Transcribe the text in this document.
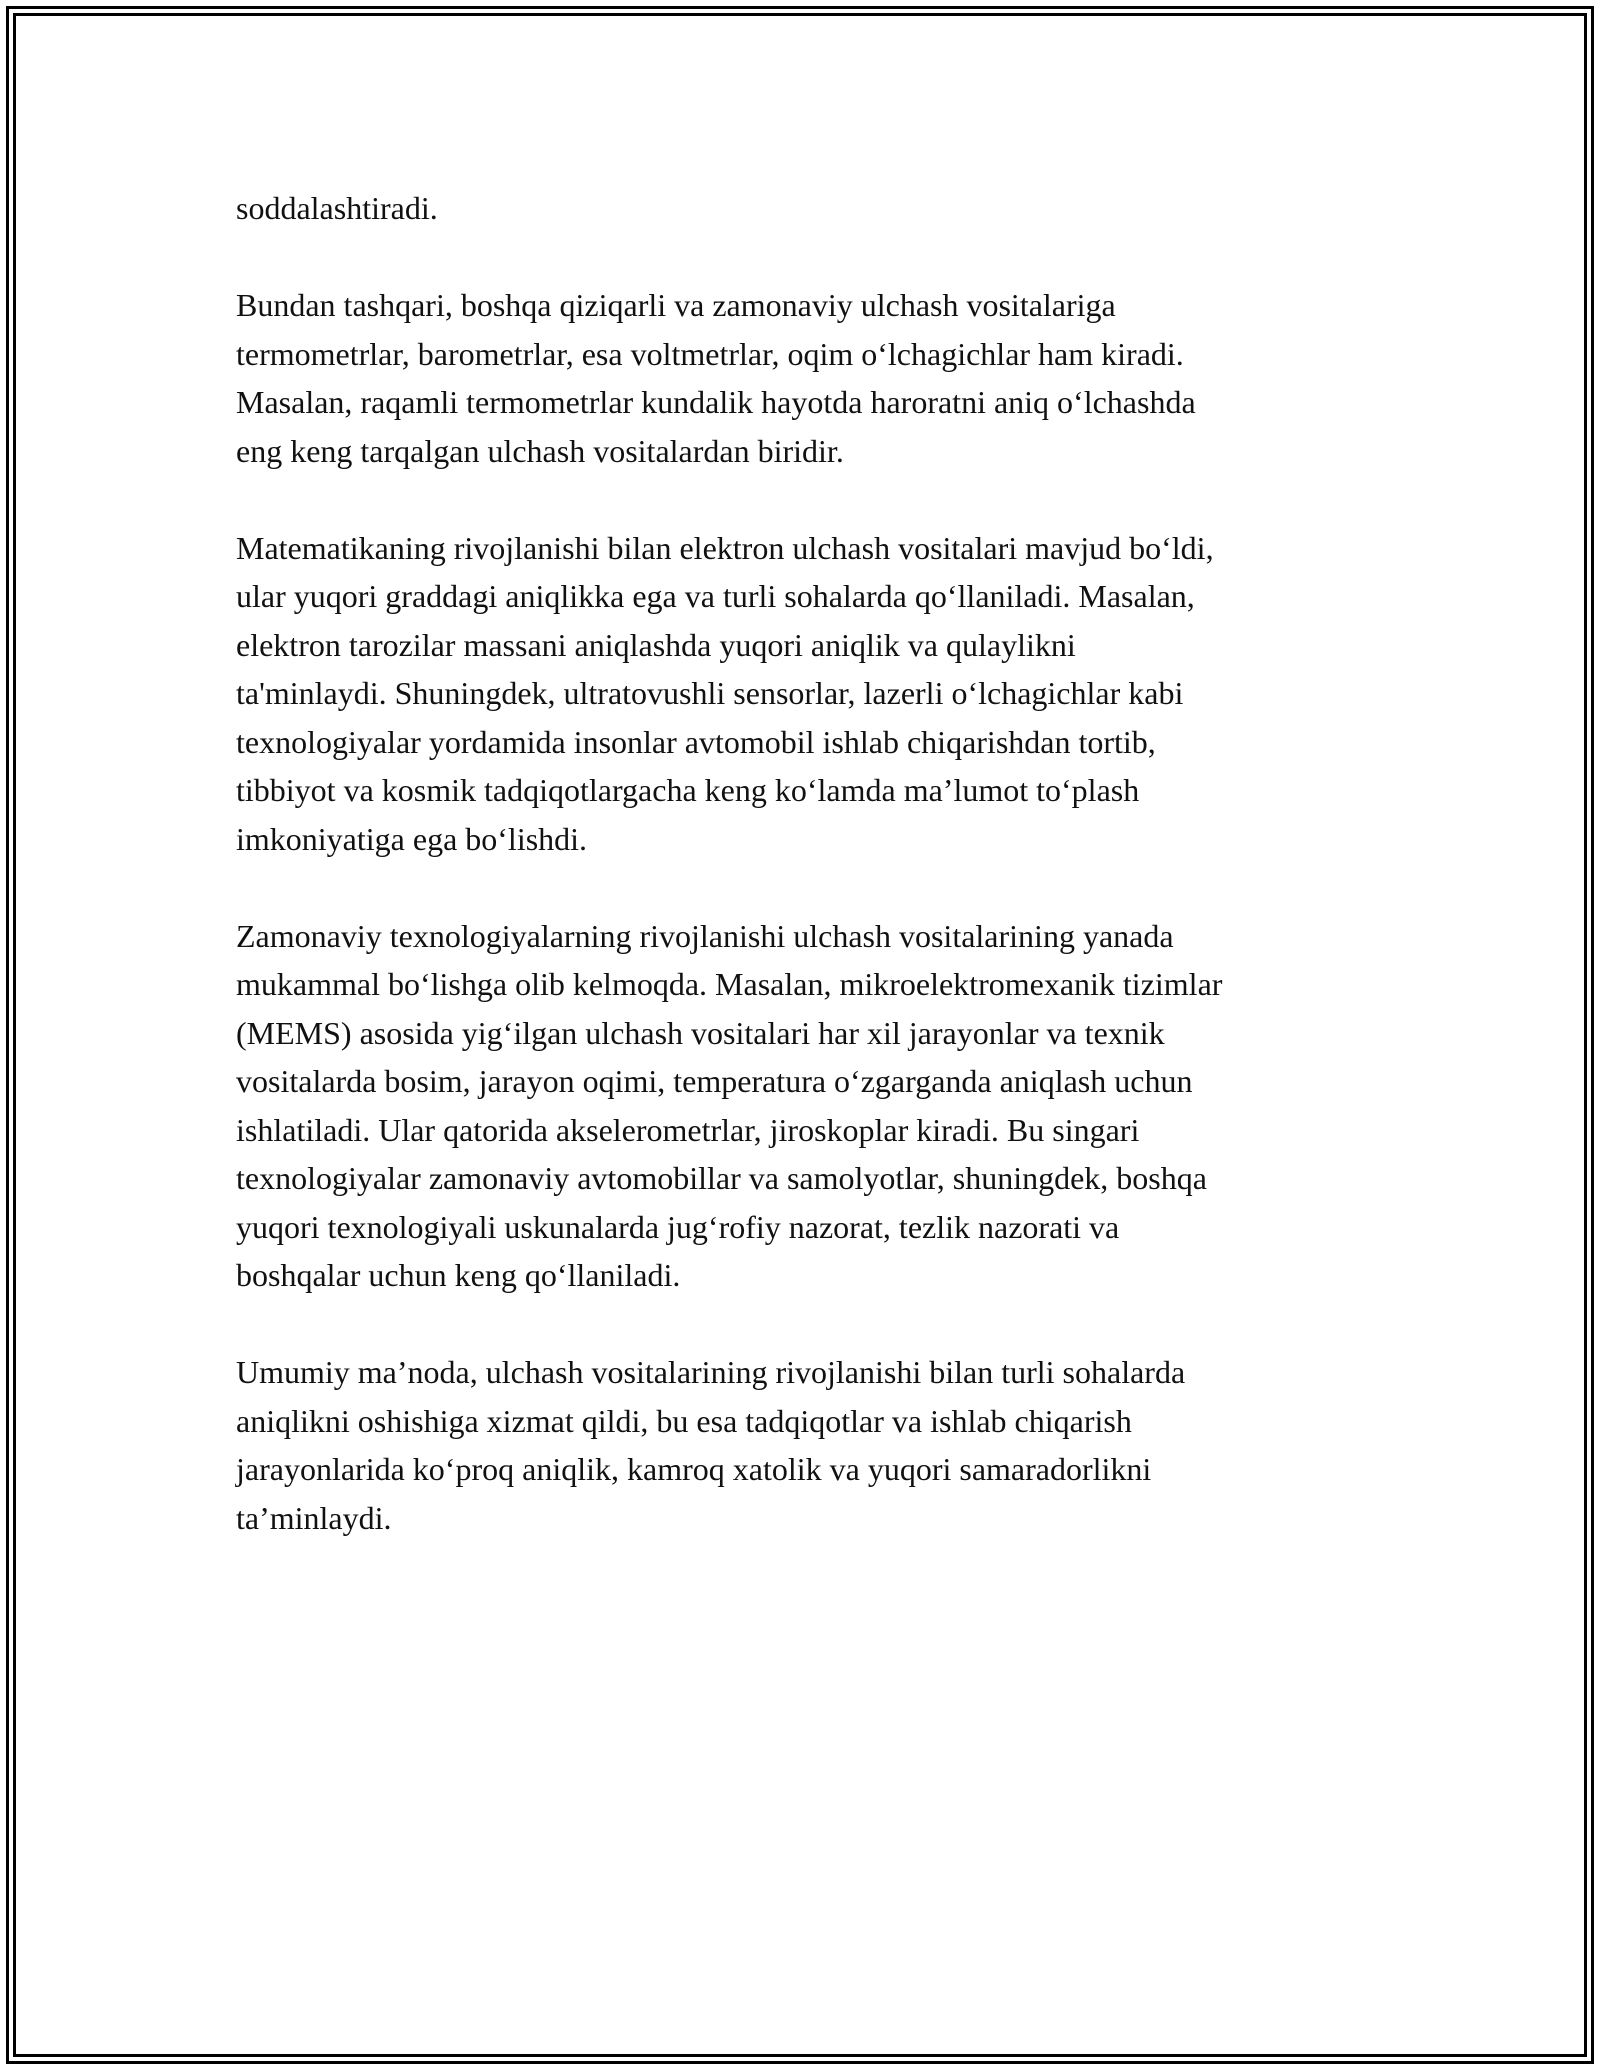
soddalashtiradi.

Bundan tashqari, boshqa qiziqarli va zamonaviy ulchash vositalariga
termometrlar, barometrlar, esa voltmetrlar, oqim o‘lchagichlar ham kiradi.
Masalan, raqamli termometrlar kundalik hayotda haroratni aniq o‘lchashda
eng keng tarqalgan ulchash vositalardan biridir.

Matematikaning rivojlanishi bilan elektron ulchash vositalari mavjud bo‘ldi,
ular yuqori graddagi aniqlikka ega va turli sohalarda qo‘llaniladi. Masalan,
elektron tarozilar massani aniqlashda yuqori aniqlik va qulaylikni
ta'minlaydi. Shuningdek, ultratovushli sensorlar, lazerli o‘lchagichlar kabi
texnologiyalar yordamida insonlar avtomobil ishlab chiqarishdan tortib,
tibbiyot va kosmik tadqiqotlargacha keng ko‘lamda ma’lumot to‘plash
imkoniyatiga ega bo‘lishdi.

Zamonaviy texnologiyalarning rivojlanishi ulchash vositalarining yanada
mukammal bo‘lishga olib kelmoqda. Masalan, mikroelektromexanik tizimlar
(MEMS) asosida yig‘ilgan ulchash vositalari har xil jarayonlar va texnik
vositalarda bosim, jarayon oqimi, temperatura o‘zgarganda aniqlash uchun
ishlatiladi. Ular qatorida akselerometrlar, jiroskoplar kiradi. Bu singari
texnologiyalar zamonaviy avtomobillar va samolyotlar, shuningdek, boshqa
yuqori texnologiyali uskunalarda jug‘rofiy nazorat, tezlik nazorati va
boshqalar uchun keng qo‘llaniladi.

Umumiy ma’noda, ulchash vositalarining rivojlanishi bilan turli sohalarda
aniqlikni oshishiga xizmat qildi, bu esa tadqiqotlar va ishlab chiqarish
jarayonlarida ko‘proq aniqlik, kamroq xatolik va yuqori samaradorlikni
ta’minlaydi.
